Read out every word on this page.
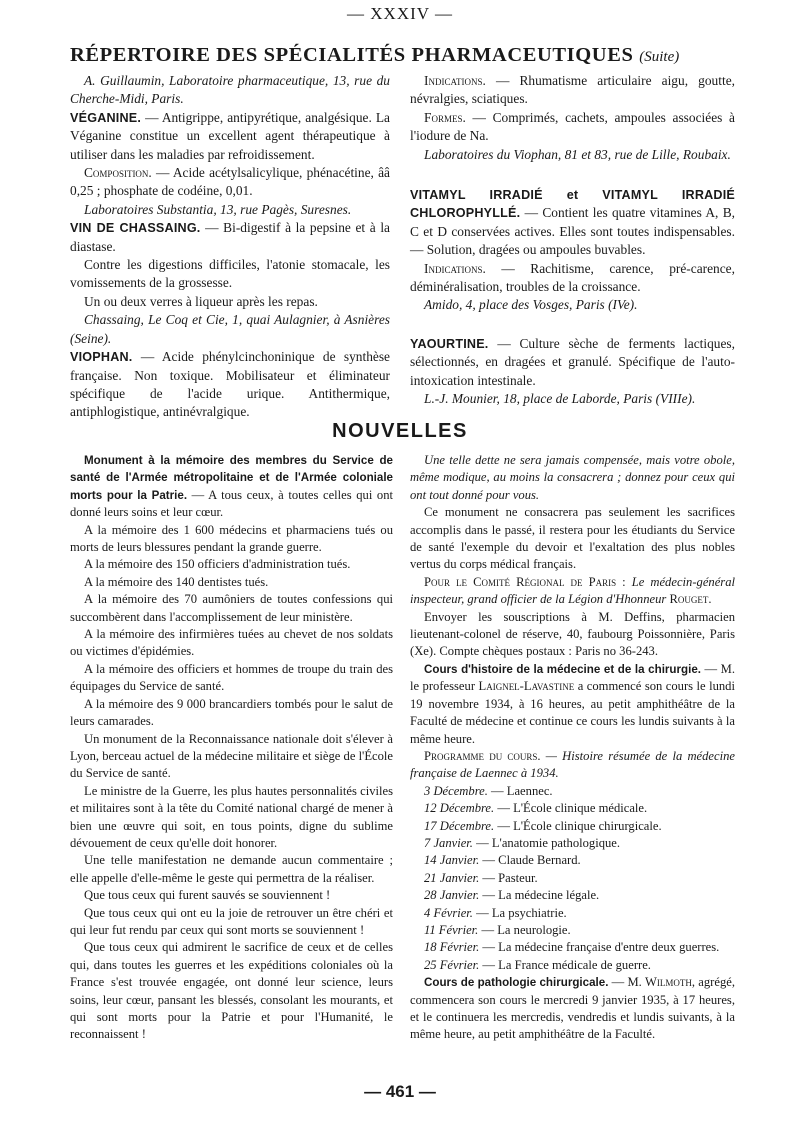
— XXXIV —
RÉPERTOIRE DES SPÉCIALITÉS PHARMACEUTIQUES (Suite)

A. Guillaumin, Laboratoire pharmaceutique, 13, rue du Cherche-Midi, Paris.

VÉGANINE. — Antigrippe, antipyrétique, analgésique. La Véganine constitue un excellent agent thérapeutique à utiliser dans les maladies par refroidissement.

Composition. — Acide acétylsalicylique, phénacétine, ââ 0,25 ; phosphate de codéine, 0,01.

Laboratoires Substantia, 13, rue Pagès, Suresnes.

VIN DE CHASSAING. — Bi-digestif à la pepsine et à la diastase.

Contre les digestions difficiles, l'atonie stomacale, les vomissements de la grossesse.

Un ou deux verres à liqueur après les repas.

Chassaing, Le Coq et Cie, 1, quai Aulagnier, à Asnières (Seine).

VIOPHAN. — Acide phénylcinchoninique de synthèse française. Non toxique. Mobilisateur et éliminateur spécifique de l'acide urique. Antithermique, antiphlogistique, antinévralgique.

Indications. — Rhumatisme articulaire aigu, goutte, névralgies, sciatiques.

Formes. — Comprimés, cachets, ampoules associées à l'iodure de Na.

Laboratoires du Viophan, 81 et 83, rue de Lille, Roubaix.

VITAMYL IRRADIÉ et VITAMYL IRRADIÉ CHLOROPHYLLÉ. — Contient les quatre vitamines A, B, C et D conservées actives. Elles sont toutes indispensables. — Solution, dragées ou ampoules buvables.

Indications. — Rachitisme, carence, pré-carence, déminéralisation, troubles de la croissance.

Amido, 4, place des Vosges, Paris (IVe).

YAOURTINE. — Culture sèche de ferments lactiques, sélectionnés, en dragées et granulé. Spécifique de l'auto-intoxication intestinale.

L.-J. Mounier, 18, place de Laborde, Paris (VIIIe).

NOUVELLES

Monument à la mémoire des membres du Service de santé de l'Armée métropolitaine et de l'Armée coloniale morts pour la Patrie. — A tous ceux, à toutes celles qui ont donné leurs soins et leur cœur.

A la mémoire des 1 600 médecins et pharmaciens tués ou morts de leurs blessures pendant la grande guerre.

A la mémoire des 150 officiers d'administration tués.

A la mémoire des 140 dentistes tués.

A la mémoire des 70 aumôniers de toutes confessions qui succombèrent dans l'accomplissement de leur ministère.

A la mémoire des infirmières tuées au chevet de nos soldats ou victimes d'épidémies.

A la mémoire des officiers et hommes de troupe du train des équipages du Service de santé.

A la mémoire des 9 000 brancardiers tombés pour le salut de leurs camarades.

Un monument de la Reconnaissance nationale doit s'élever à Lyon, berceau actuel de la médecine militaire et siège de l'École du Service de santé.

Le ministre de la Guerre, les plus hautes personnalités civiles et militaires sont à la tête du Comité national chargé de mener à bien une œuvre qui soit, en tous points, digne du sublime dévouement de ceux qu'elle doit honorer.

Une telle manifestation ne demande aucun commentaire ; elle appelle d'elle-même le geste qui permettra de la réaliser.

Que tous ceux qui furent sauvés se souviennent !

Que tous ceux qui ont eu la joie de retrouver un être chéri et qui leur fut rendu par ceux qui sont morts se souviennent !

Que tous ceux qui admirent le sacrifice de ceux et de celles qui, dans toutes les guerres et les expéditions coloniales où la France s'est trouvée engagée, ont donné leur science, leurs soins, leur cœur, pansant les blessés, consolant les mourants, et qui sont morts pour la Patrie et pour l'Humanité, le reconnaissent !

Une telle dette ne sera jamais compensée, mais votre obole, même modique, au moins la consacrera ; donnez pour ceux qui ont tout donné pour vous.

Ce monument ne consacrera pas seulement les sacrifices accomplis dans le passé, il restera pour les étudiants du Service de santé l'exemple du devoir et l'exaltation des plus nobles vertus du corps médical français.

Pour le Comité Régional de Paris : Le médecin-général inspecteur, grand officier de la Légion d'Hhonneur Rouget.

Envoyer les souscriptions à M. Deffins, pharmacien lieutenant-colonel de réserve, 40, faubourg Poissonnière, Paris (Xe). Compte chèques postaux : Paris no 36-243.

Cours d'histoire de la médecine et de la chirurgie. — M. le professeur Laignel-Lavastine a commencé son cours le lundi 19 novembre 1934, à 16 heures, au petit amphithéâtre de la Faculté de médecine et continue ce cours les lundis suivants à la même heure.

Programme du cours. — Histoire résumée de la médecine française de Laennec à 1934.

3 Décembre. — Laennec.

12 Décembre. — L'École clinique médicale.

17 Décembre. — L'École clinique chirurgicale.

7 Janvier. — L'anatomie pathologique.

14 Janvier. — Claude Bernard.

21 Janvier. — Pasteur.

28 Janvier. — La médecine légale.

4 Février. — La psychiatrie.

11 Février. — La neurologie.

18 Février. — La médecine française d'entre deux guerres.

25 Février. — La France médicale de guerre.

Cours de pathologie chirurgicale. — M. Wilmoth, agrégé, commencera son cours le mercredi 9 janvier 1935, à 17 heures, et le continuera les mercredis, vendredis et lundis suivants, à la même heure, au petit amphithéâtre de la Faculté.

— 461 —
